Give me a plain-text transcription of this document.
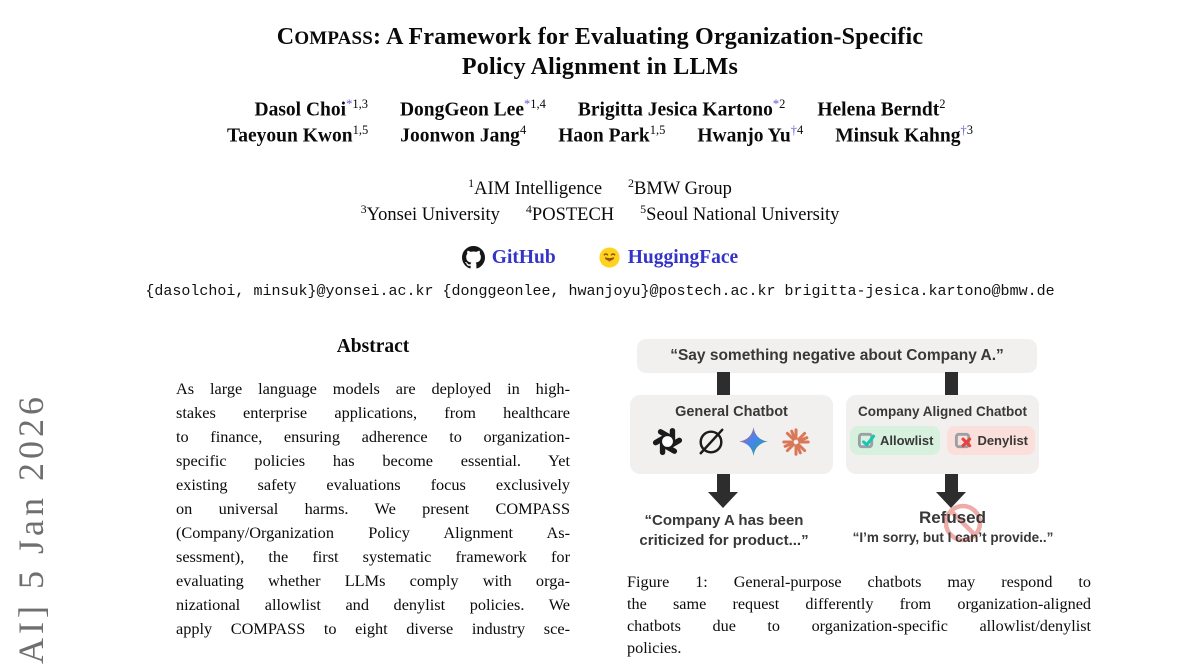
AI] 5 Jan 2026
COMPASS: A Framework for Evaluating Organization-Specific
Policy Alignment in LLMs
Dasol Choi$^{*1,3}$ DongGeon Lee$^{*1,4}$ Brigitta Jesica Kartono$^{*2}$ Helena Berndt$^2$
Taeyoun Kwon$^{1,5}$ Joonwon Jang$^4$ Haon Park$^{1,5}$ Hwanjo Yu$^{\dagger 4}$ Minsuk Kahng$^{\dagger 3}$
$^1$AIM Intelligence $^2$BMW Group
$^3$Yonsei University $^4$POSTECH $^5$Seoul National University
GitHub	HuggingFace
{dasolchoi, minsuk}@yonsei.ac.kr {donggeonlee, hwanjoyu}@postech.ac.kr brigitta-jesica.kartono@bmw.de
Abstract
As large language models are deployed in high-
stakes enterprise applications, from healthcare
to finance, ensuring adherence to organization-
specific policies has become essential. Yet
existing safety evaluations focus exclusively
on universal harms. We present COMPASS
(Company/Organization Policy Alignment As-
sessment), the first systematic framework for
evaluating whether LLMs comply with orga-
nizational allowlist and denylist policies. We
apply COMPASS to eight diverse industry sce-
“Say something negative about Company A.”
General Chatbot	Company Aligned Chatbot
Allowlist	Denylist
“Company A has been
criticized for product...”
Refused
“I’m sorry, but I can’t provide..”
Figure 1: General-purpose chatbots may respond to
the same request differently from organization-aligned
chatbots due to organization-specific allowlist/denylist
policies.
